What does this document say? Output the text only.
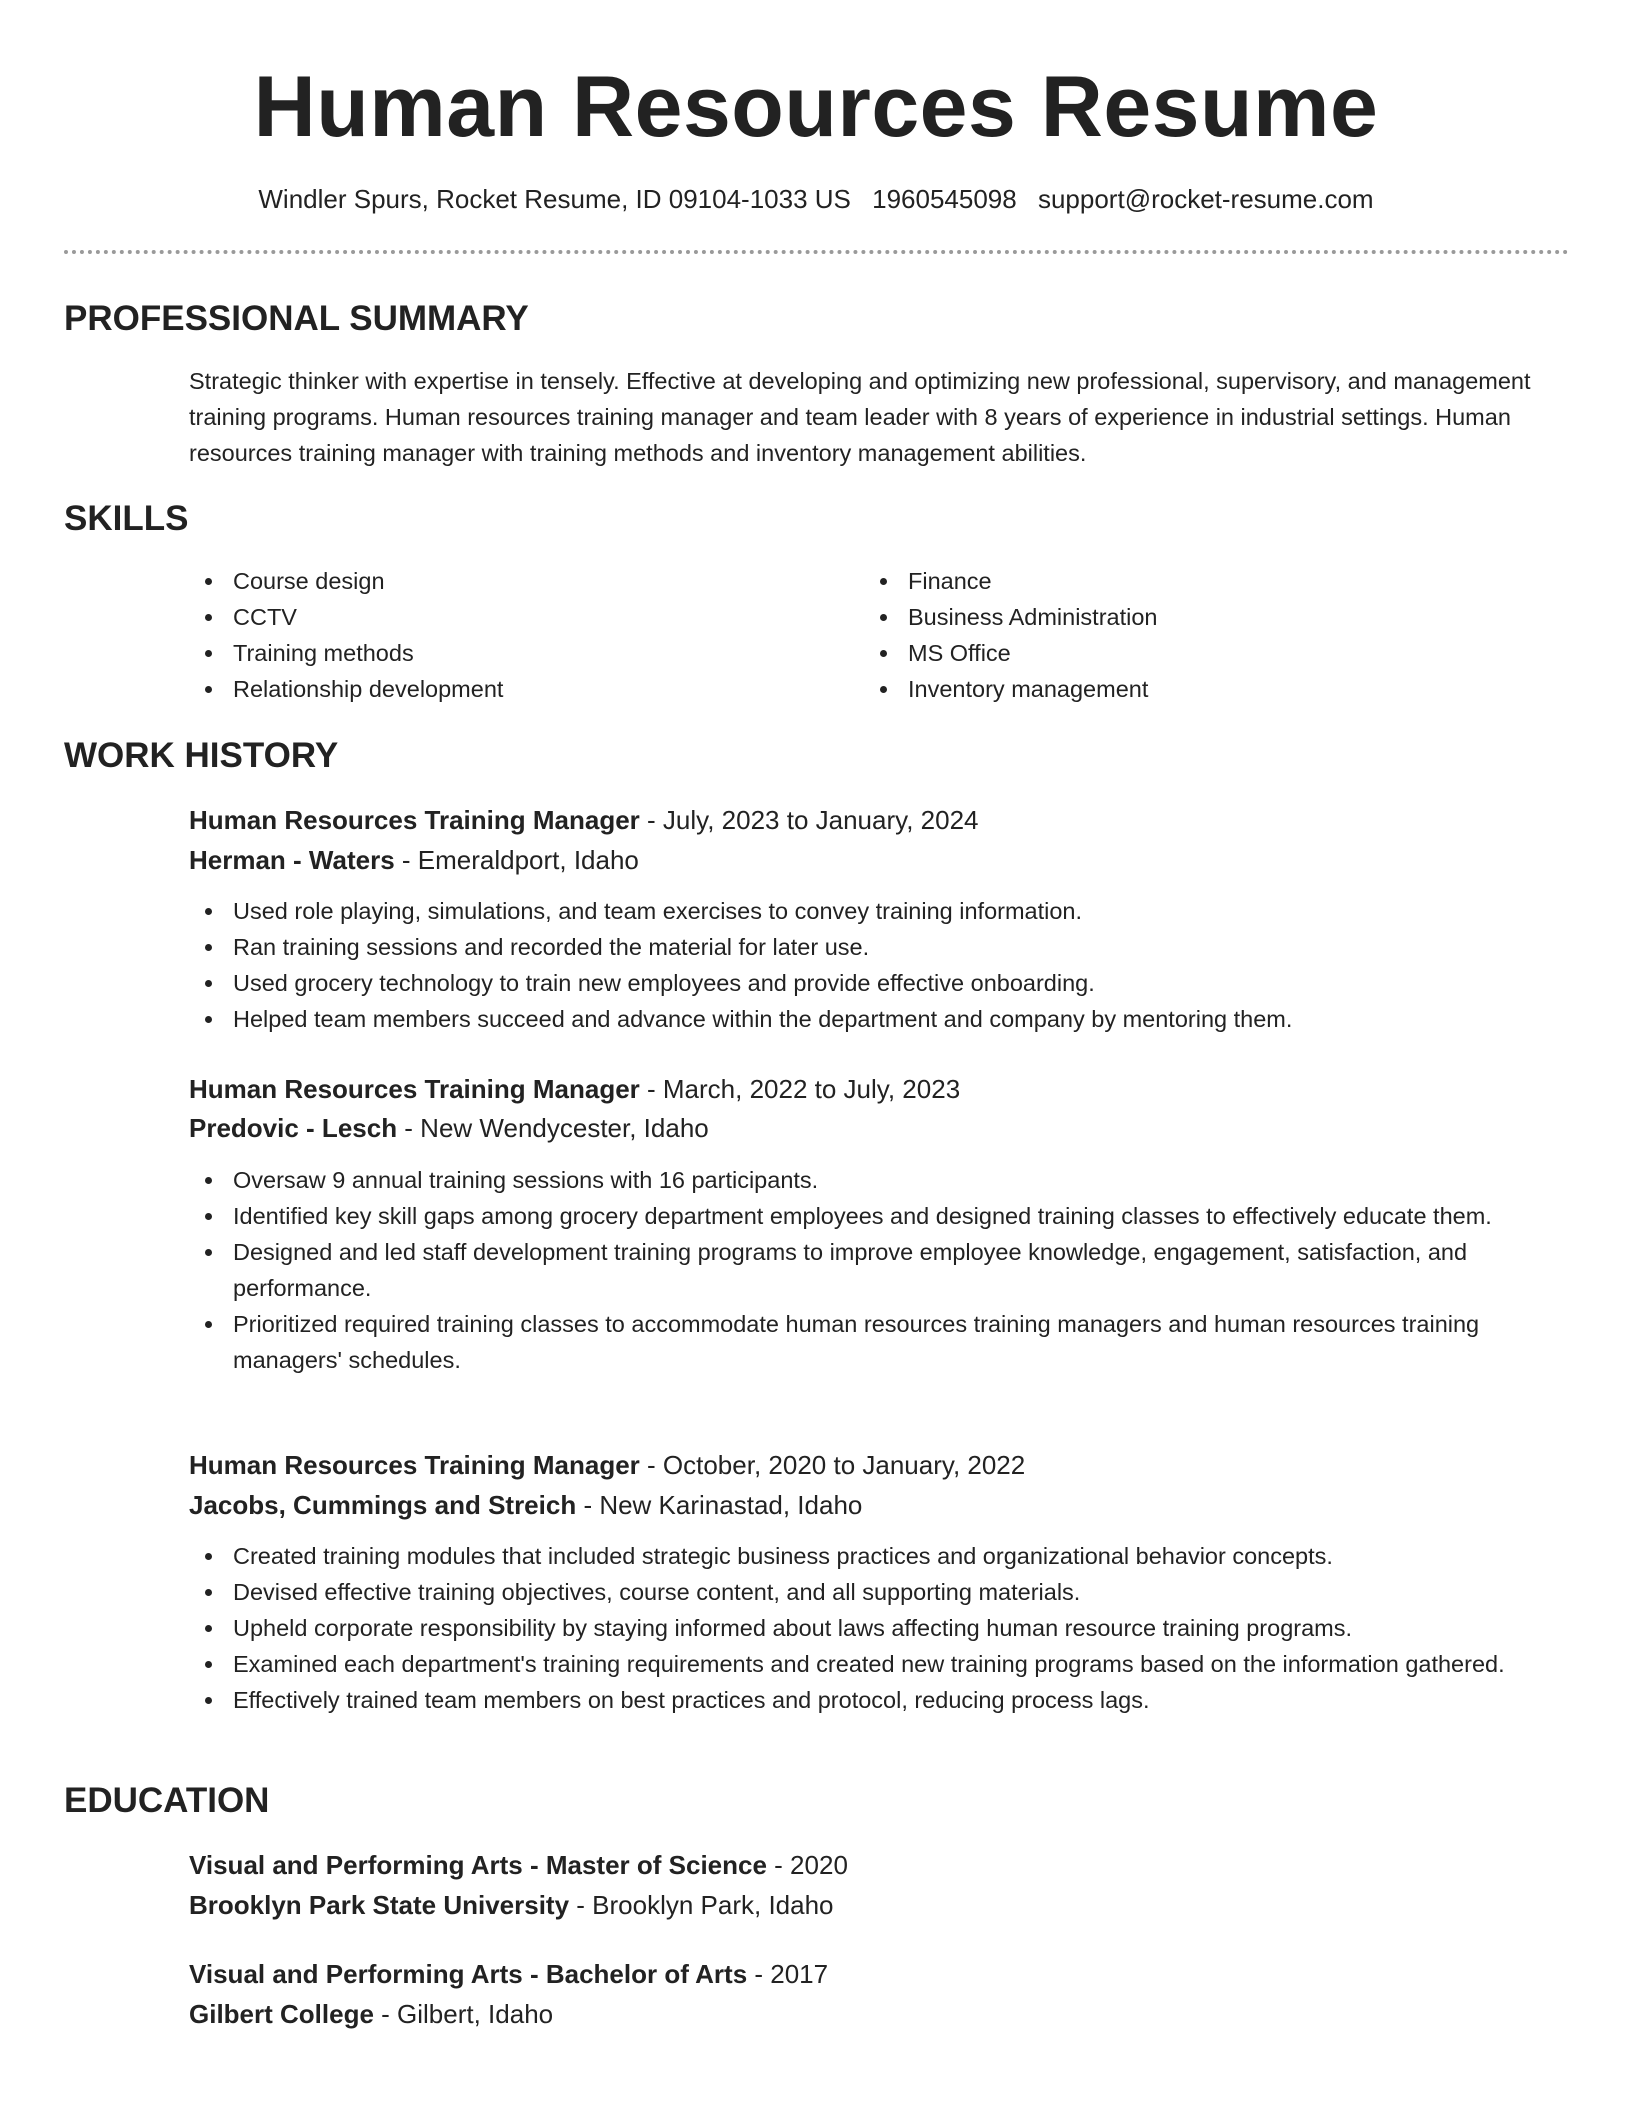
Human Resources Resume
Windler Spurs, Rocket Resume, ID 09104-1033 US 1960545098 support@rocket-resume.com
PROFESSIONAL SUMMARY
Strategic thinker with expertise in tensely. Effective at developing and optimizing new professional, supervisory, and management training programs. Human resources training manager and team leader with 8 years of experience in industrial settings. Human resources training manager with training methods and inventory management abilities.
SKILLS
Course design
CCTV
Training methods
Relationship development
Finance
Business Administration
MS Office
Inventory management
WORK HISTORY
Human Resources Training Manager - July, 2023 to January, 2024
Herman - Waters - Emeraldport, Idaho
Used role playing, simulations, and team exercises to convey training information.
Ran training sessions and recorded the material for later use.
Used grocery technology to train new employees and provide effective onboarding.
Helped team members succeed and advance within the department and company by mentoring them.
Human Resources Training Manager - March, 2022 to July, 2023
Predovic - Lesch - New Wendycester, Idaho
Oversaw 9 annual training sessions with 16 participants.
Identified key skill gaps among grocery department employees and designed training classes to effectively educate them.
Designed and led staff development training programs to improve employee knowledge, engagement, satisfaction, and performance.
Prioritized required training classes to accommodate human resources training managers and human resources training managers' schedules.
Human Resources Training Manager - October, 2020 to January, 2022
Jacobs, Cummings and Streich - New Karinastad, Idaho
Created training modules that included strategic business practices and organizational behavior concepts.
Devised effective training objectives, course content, and all supporting materials.
Upheld corporate responsibility by staying informed about laws affecting human resource training programs.
Examined each department's training requirements and created new training programs based on the information gathered.
Effectively trained team members on best practices and protocol, reducing process lags.
EDUCATION
Visual and Performing Arts - Master of Science - 2020
Brooklyn Park State University - Brooklyn Park, Idaho
Visual and Performing Arts - Bachelor of Arts - 2017
Gilbert College - Gilbert, Idaho
